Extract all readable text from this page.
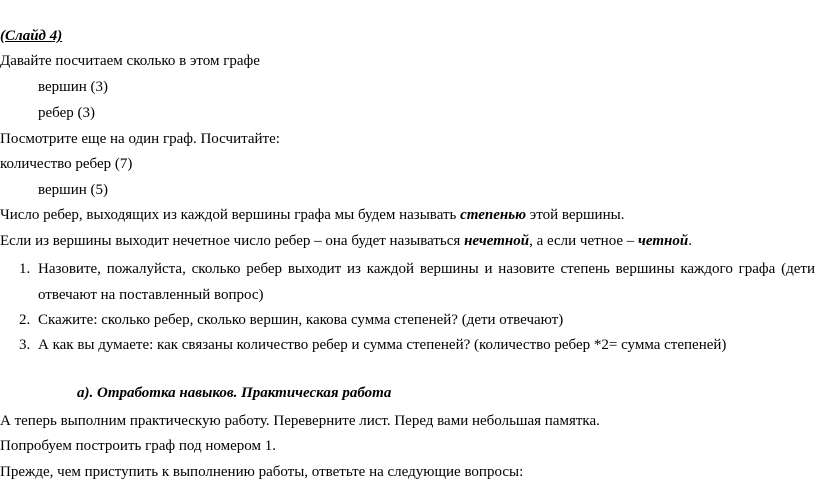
(Слайд 4)
Давайте посчитаем сколько в этом графе
вершин (3)
ребер (3)
Посмотрите еще на один граф. Посчитайте:
количество ребер (7)
вершин (5)
Число ребер, выходящих из каждой вершины графа мы будем называть степенью этой вершины.
Если из вершины выходит нечетное число ребер – она будет называться нечетной, а если четное – четной.
1. Назовите, пожалуйста, сколько ребер выходит из каждой вершины и назовите степень вершины каждого графа (дети
отвечают на поставленный вопрос)
2. Скажите: сколько ребер, сколько вершин, какова сумма степеней? (дети отвечают)
3. А как вы думаете: как связаны количество ребер и сумма степеней? (количество ребер *2= сумма степеней)
а). Отработка навыков. Практическая работа
А теперь выполним практическую работу. Переверните лист. Перед вами небольшая памятка.
Попробуем построить граф под номером 1.
Прежде, чем приступить к выполнению работы, ответьте на следующие вопросы:
